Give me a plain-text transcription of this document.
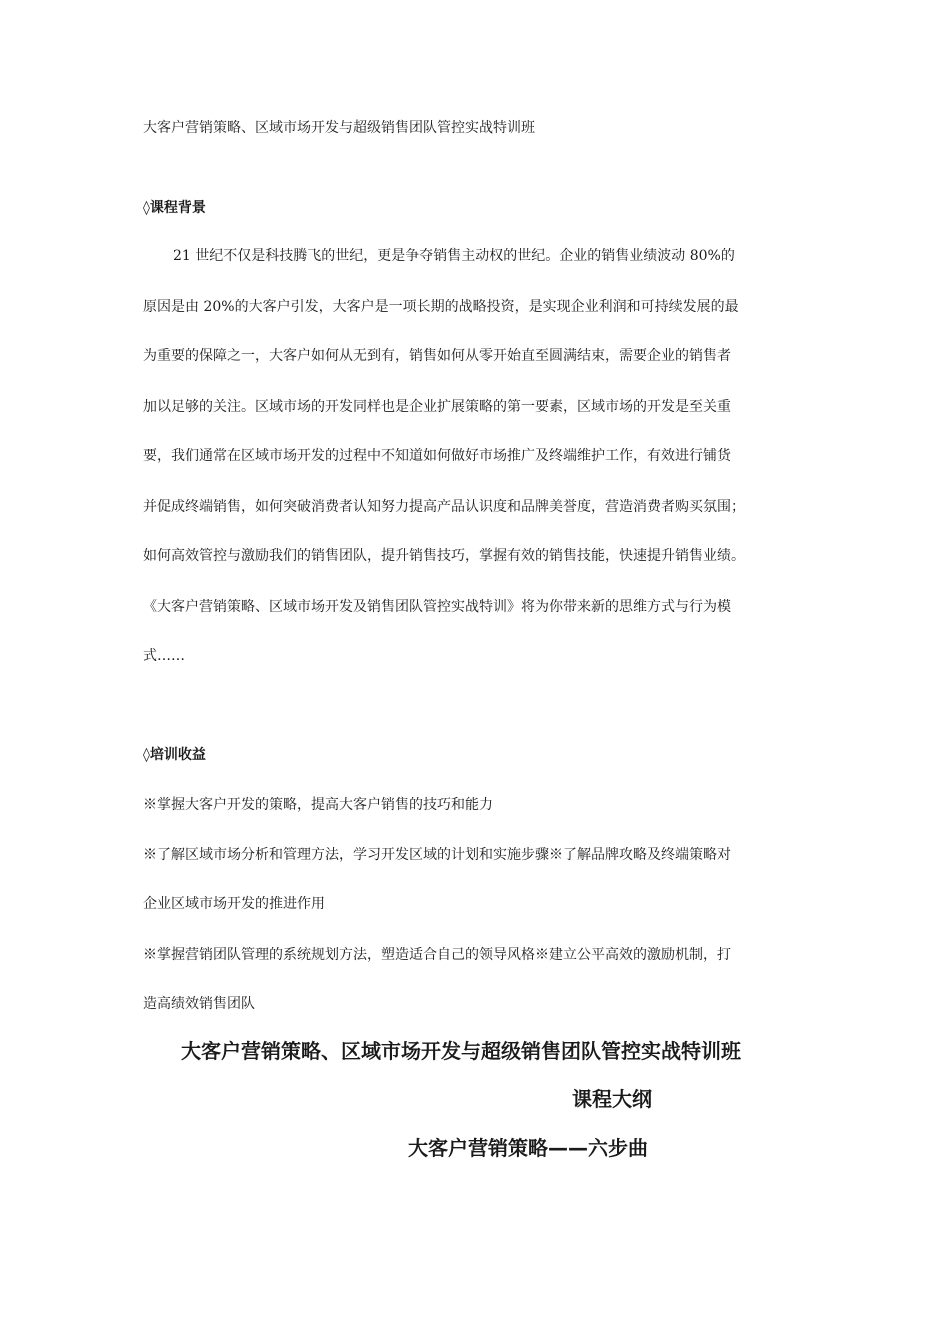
大客户营销策略、区域市场开发与超级销售团队管控实战特训班
◊课程背景
21 世纪不仅是科技腾飞的世纪，更是争夺销售主动权的世纪。企业的销售业绩波动 80%的
原因是由 20%的大客户引发，大客户是一项长期的战略投资，是实现企业利润和可持续发展的最
为重要的保障之一，大客户如何从无到有，销售如何从零开始直至圆满结束，需要企业的销售者
加以足够的关注。区域市场的开发同样也是企业扩展策略的第一要素，区域市场的开发是至关重
要，我们通常在区域市场开发的过程中不知道如何做好市场推广及终端维护工作，有效进行铺货
并促成终端销售，如何突破消费者认知努力提高产品认识度和品牌美誉度，营造消费者购买氛围；
如何高效管控与激励我们的销售团队，提升销售技巧，掌握有效的销售技能，快速提升销售业绩。
《大客户营销策略、区域市场开发及销售团队管控实战特训》将为你带来新的思维方式与行为模
式……
◊培训收益
※掌握大客户开发的策略，提高大客户销售的技巧和能力
※了解区域市场分析和管理方法，学习开发区域的计划和实施步骤※了解品牌攻略及终端策略对
企业区域市场开发的推进作用
※掌握营销团队管理的系统规划方法，塑造适合自己的领导风格※建立公平高效的激励机制，打
造高绩效销售团队
大客户营销策略、区域市场开发与超级销售团队管控实战特训班
课程大纲
大客户营销策略——六步曲
